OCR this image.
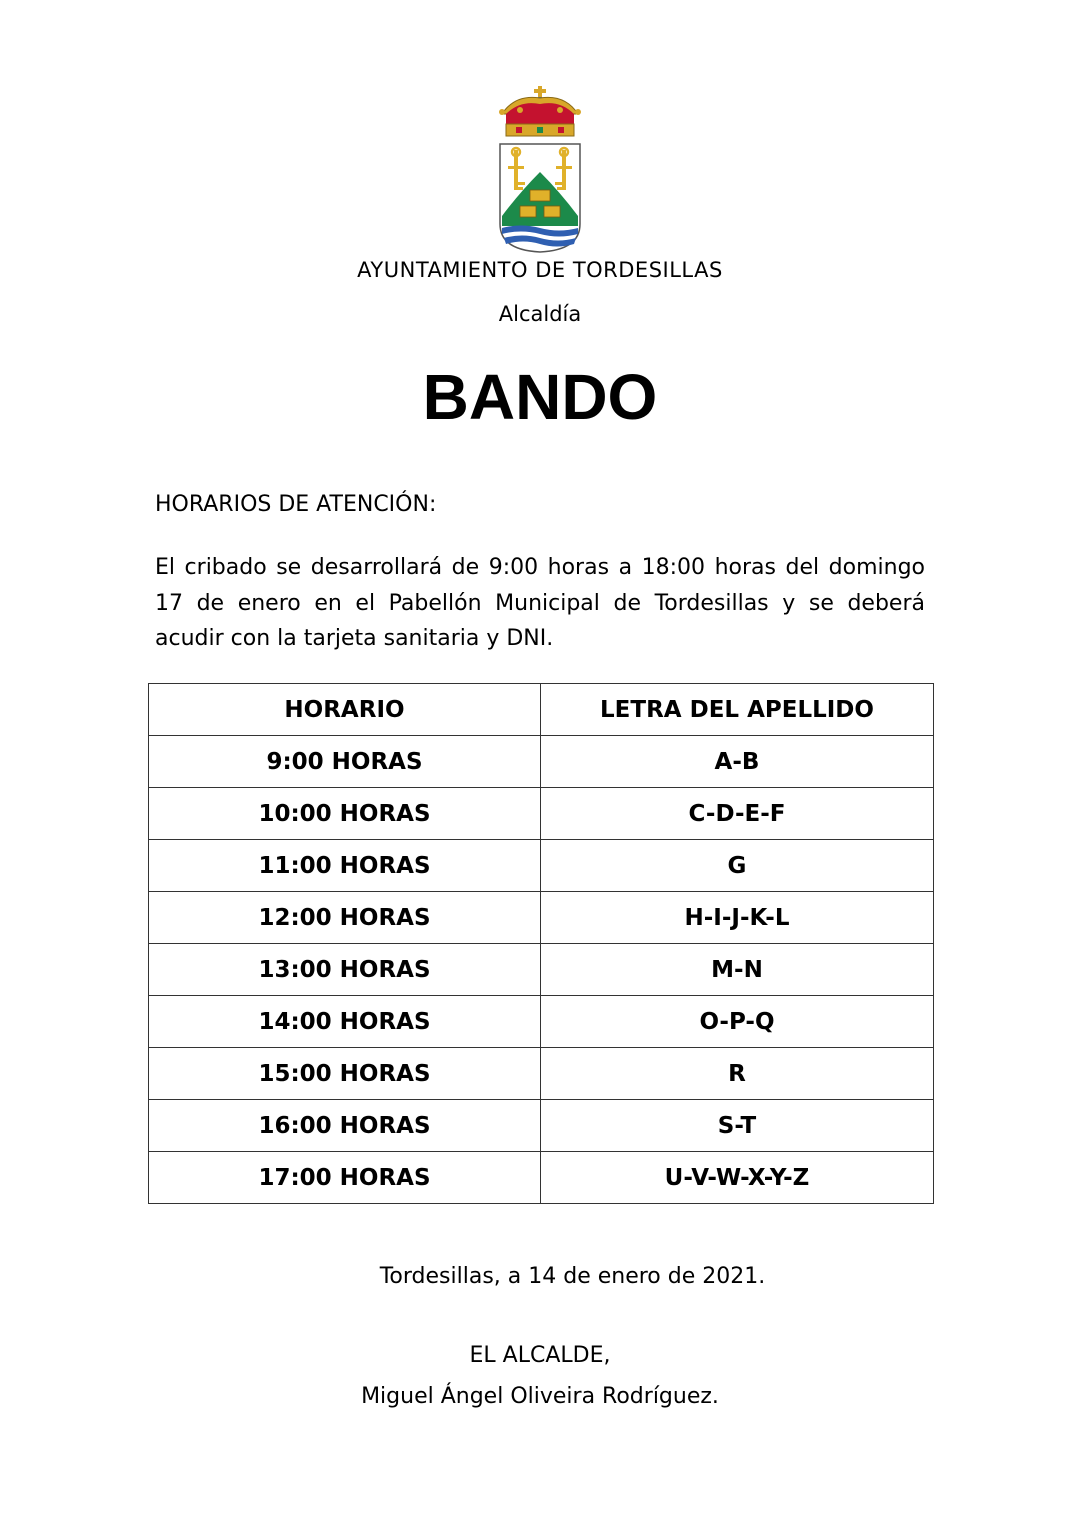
AYUNTAMIENTO DE TORDESILLAS
Alcaldía
BANDO
HORARIOS DE ATENCIÓN:
El cribado se desarrollará de 9:00 horas a 18:00 horas del domingo 17 de enero en el Pabellón Municipal de Tordesillas y se deberá acudir con la tarjeta sanitaria y DNI.
HORARIO	LETRA DEL APELLIDO
9:00 HORAS	A-B
10:00 HORAS	C-D-E-F
11:00 HORAS	G
12:00 HORAS	H-I-J-K-L
13:00 HORAS	M-N
14:00 HORAS	O-P-Q
15:00 HORAS	R
16:00 HORAS	S-T
17:00 HORAS	U-V-W-X-Y-Z
Tordesillas, a 14 de enero de 2021.
EL ALCALDE,
Miguel Ángel Oliveira Rodríguez.
